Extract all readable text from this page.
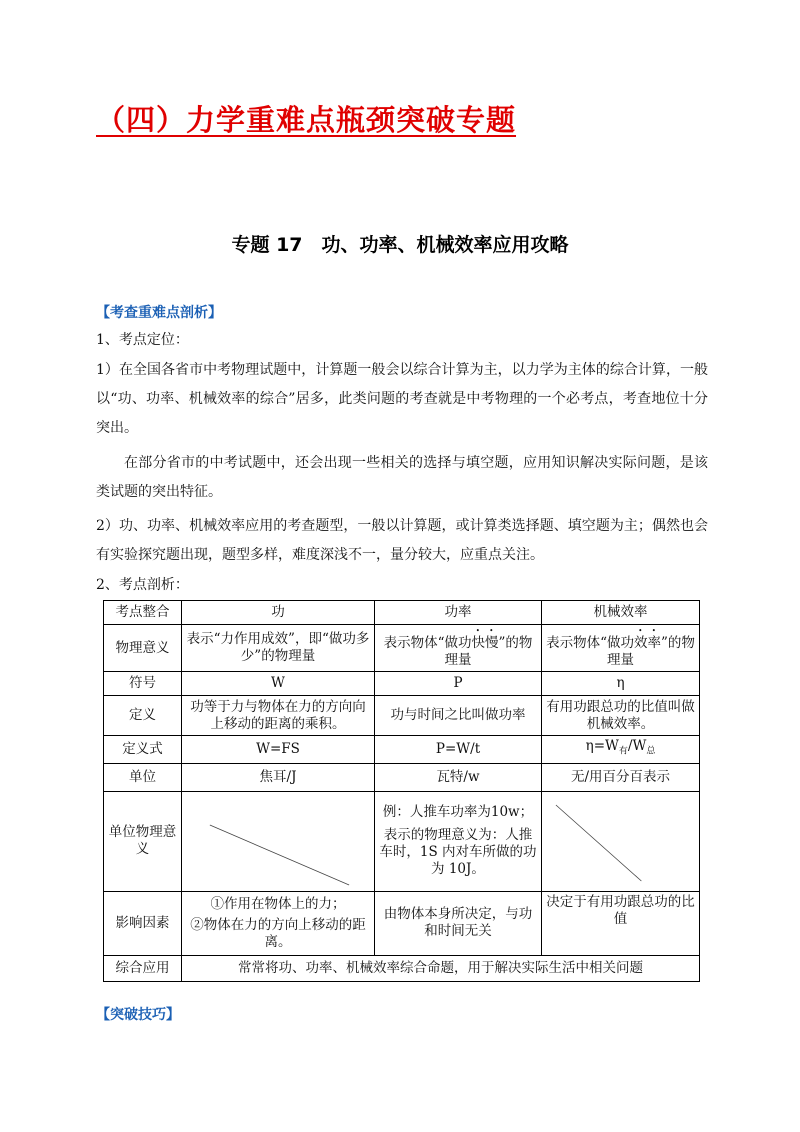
（四）力学重难点瓶颈突破专题
专题 17　功、功率、机械效率应用攻略
【考查重难点剖析】

1、考点定位：

1）在全国各省市中考物理试题中，计算题一般会以综合计算为主，以力学为主体的综合计算，一般以“功、功率、机械效率的综合”居多，此类问题的考查就是中考物理的一个必考点，考查地位十分突出。

在部分省市的中考试题中，还会出现一些相关的选择与填空题，应用知识解决实际问题，是该类试题的突出特征。

2）功、功率、机械效率应用的考查题型，一般以计算题，或计算类选择题、填空题为主；偶然也会有实验探究题出现，题型多样，难度深浅不一，量分较大，应重点关注。

2、考点剖析：

考点整合	功	功率	机械效率
物理意义	表示“力作用成效”，即“做功多少”的物理量	表示物体“做功快慢”的物理量	表示物体“做功效率”的物理量
符号	W	P	η
定义	功等于力与物体在力的方向向上移动的距离的乘积。	功与时间之比叫做功率	有用功跟总功的比值叫做机械效率。
定义式	W=FS	P=W/t	$\eta=W_有/W_总$
单位	焦耳/J	瓦特/w	无/用百分百表示
单位物理意义		例：人推车功率为10w；
表示的物理意义为：人推车时，1S 内对车所做的功为 10J。

影响因素	①作用在物体上的力；
②物体在力的方向上移动的距离。	由物体本身所决定，与功和时间无关	决定于有用功跟总功的比值
综合应用	常常将功、功率、机械效率综合命题，用于解决实际生活中相关问题		
【突破技巧】
